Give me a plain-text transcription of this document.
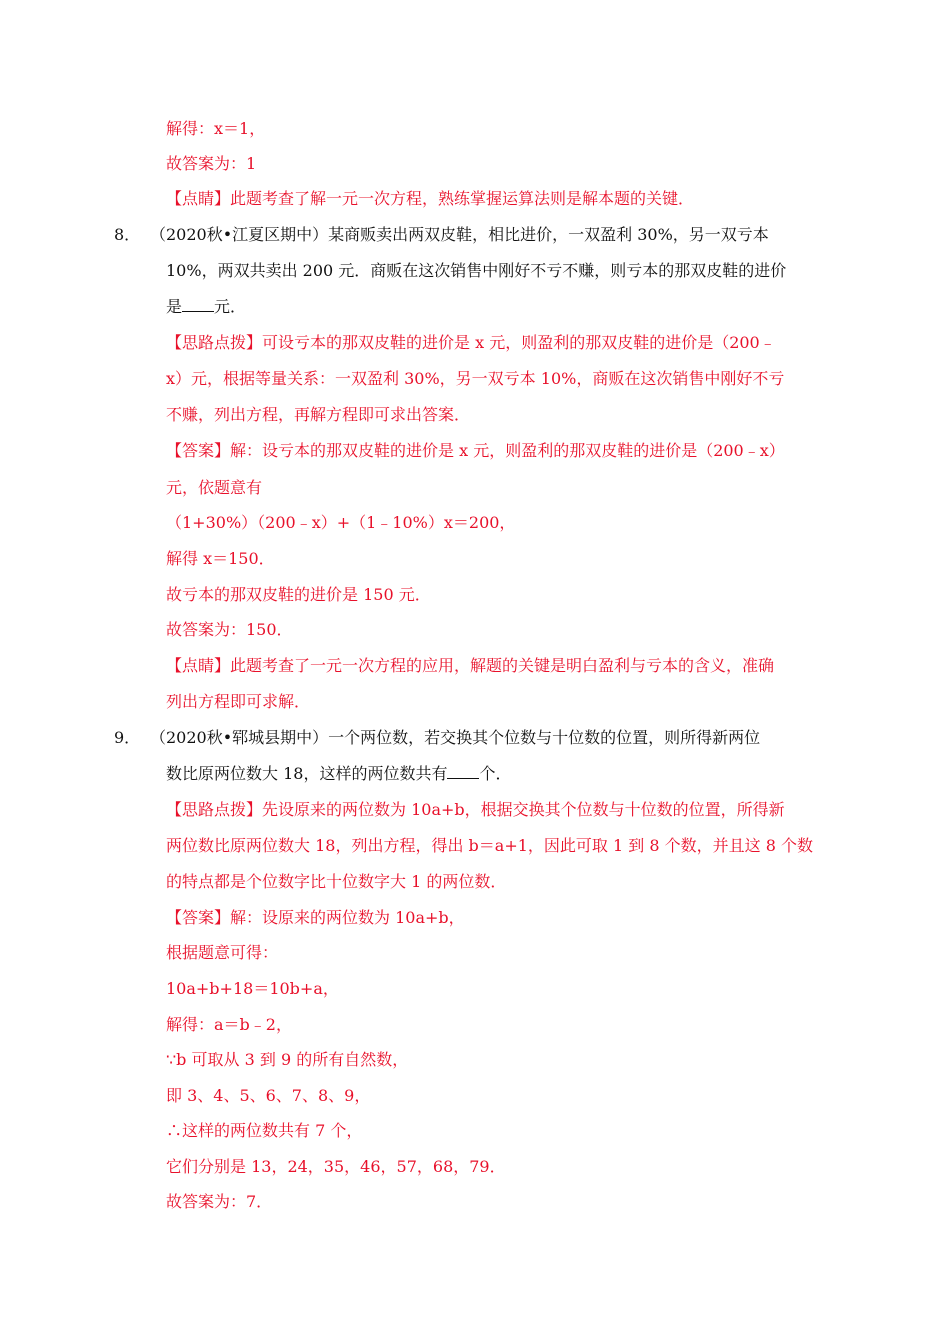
解得：x＝1，
故答案为：1
【点睛】此题考查了解一元一次方程，熟练掌握运算法则是解本题的关键．
8． （2020秋•江夏区期中）某商贩卖出两双皮鞋，相比进价，一双盈利 30%，另一双亏本
10%，两双共卖出 200 元．商贩在这次销售中刚好不亏不赚，则亏本的那双皮鞋的进价
是 元．
【思路点拨】可设亏本的那双皮鞋的进价是 x 元，则盈利的那双皮鞋的进价是（200﹣
x）元，根据等量关系：一双盈利 30%，另一双亏本 10%，商贩在这次销售中刚好不亏
不赚，列出方程，再解方程即可求出答案．
【答案】解：设亏本的那双皮鞋的进价是 x 元，则盈利的那双皮鞋的进价是（200﹣x）
元，依题意有
（1+30%）（200﹣x）+（1﹣10%）x＝200，
解得 x＝150．
故亏本的那双皮鞋的进价是 150 元．
故答案为：150．
【点睛】此题考查了一元一次方程的应用，解题的关键是明白盈利与亏本的含义，准确
列出方程即可求解．
9． （2020秋•郓城县期中）一个两位数，若交换其个位数与十位数的位置，则所得新两位
数比原两位数大 18，这样的两位数共有 个．
【思路点拨】先设原来的两位数为 10a+b，根据交换其个位数与十位数的位置，所得新
两位数比原两位数大 18，列出方程，得出 b＝a+1，因此可取 1 到 8 个数，并且这 8 个数
的特点都是个位数字比十位数字大 1 的两位数．
【答案】解：设原来的两位数为 10a+b，
根据题意可得：
10a+b+18＝10b+a，
解得：a＝b﹣2，
∵b 可取从 3 到 9 的所有自然数，
即 3、4、5、6、7、8、9，
∴这样的两位数共有 7 个，
它们分别是 13，24，35，46，57，68，79．
故答案为：7．
